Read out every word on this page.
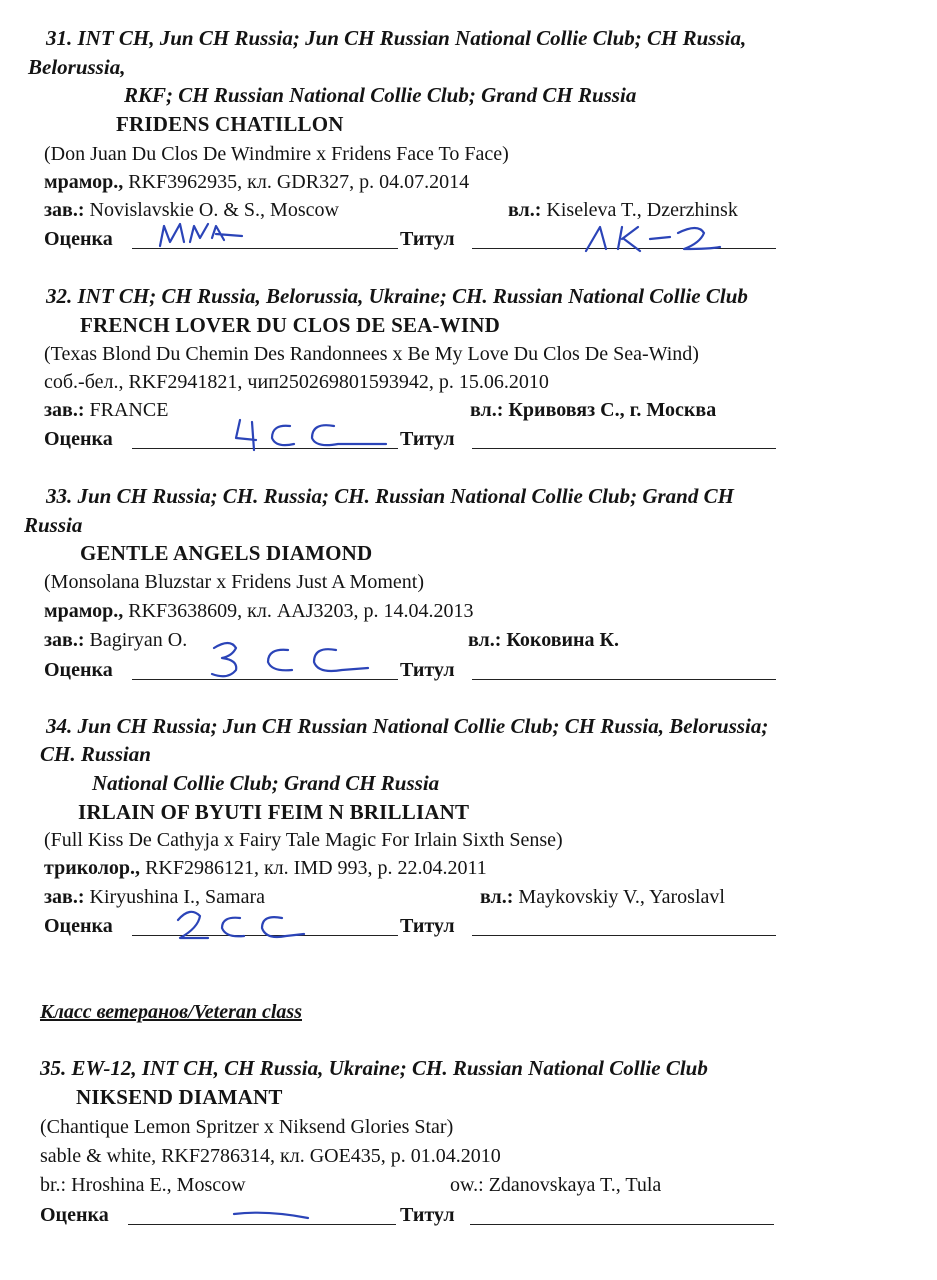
31. INT CH, Jun CH Russia; Jun CH Russian National Collie Club; CH Russia,
Belorussia,
RKF; CH Russian National Collie Club; Grand CH Russia
FRIDENS CHATILLON
(Don Juan Du Clos De Windmire x Fridens Face To Face)
мрамор., RKF3962935, кл. GDR327, р. 04.07.2014
зав.: Novislavskie O. & S., Moscow	вл.: Kiseleva T., Dzerzhinsk
Оценка	Титул
32. INT CH; CH Russia, Belorussia, Ukraine; CH. Russian National Collie Club
FRENCH LOVER DU CLOS DE SEA-WIND
(Texas Blond Du Chemin Des Randonnees x Be My Love Du Clos De Sea-Wind)
соб.-бел., RKF2941821, чип250269801593942, р. 15.06.2010
зав.: FRANCE	вл.: Кривовяз С., г. Москва
Оценка	Титул
33. Jun CH Russia; CH. Russia; CH. Russian National Collie Club; Grand CH
Russia
GENTLE ANGELS DIAMOND
(Monsolana Bluzstar x Fridens Just A Moment)
мрамор., RKF3638609, кл. AAJ3203, р. 14.04.2013
зав.: Bagiryan O.	вл.: Коковина К.
Оценка	Титул
34. Jun CH Russia; Jun CH Russian National Collie Club; CH Russia, Belorussia;
CH. Russian
National Collie Club; Grand CH Russia
IRLAIN OF BYUTI FEIM N BRILLIANT
(Full Kiss De Cathyja x Fairy Tale Magic For Irlain Sixth Sense)
триколор., RKF2986121, кл. IMD 993, р. 22.04.2011
зав.: Kiryushina I., Samara	вл.: Maykovskiy V., Yaroslavl
Оценка	Титул
Класс ветеранов/Veteran class
35. EW-12, INT CH, CH Russia, Ukraine; CH. Russian National Collie Club
NIKSEND DIAMANT
(Chantique Lemon Spritzer x Niksend Glories Star)
sable & white, RKF2786314, кл. GOE435, р. 01.04.2010
br.: Hroshina E., Moscow	ow.: Zdanovskaya T., Tula
Оценка	Титул
